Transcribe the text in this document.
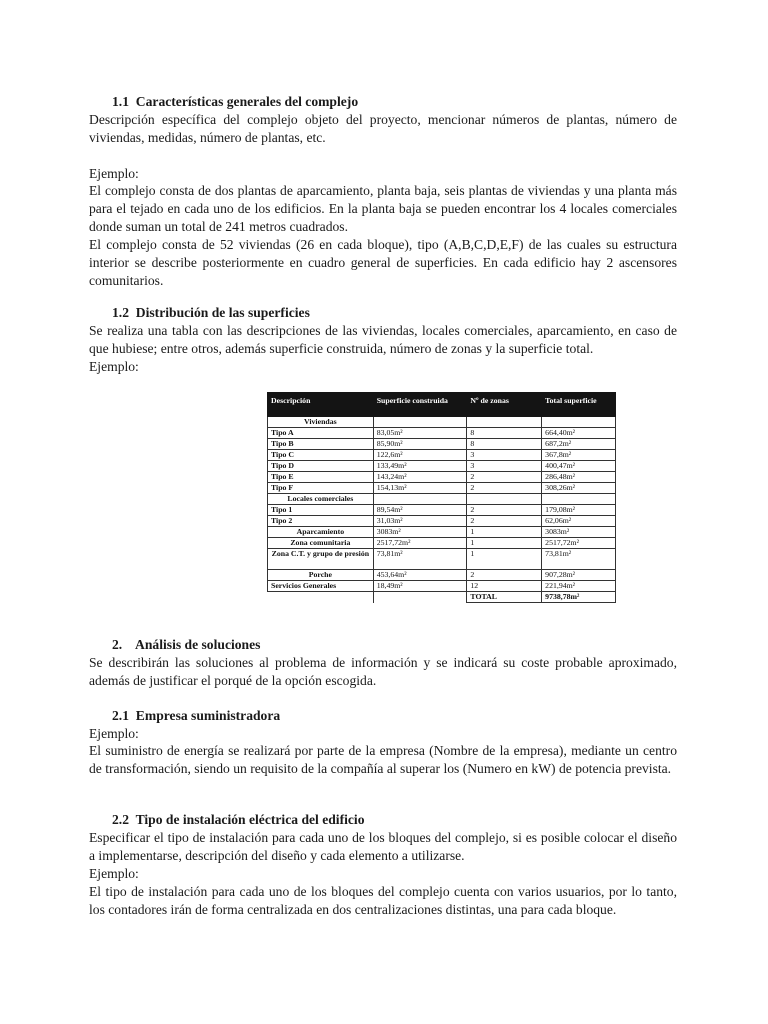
1.1 Características generales del complejo

Descripción específica del complejo objeto del proyecto, mencionar números de plantas, número de viviendas, medidas, número de plantas, etc.

Ejemplo:

El complejo consta de dos plantas de aparcamiento, planta baja, seis plantas de viviendas y una planta más para el tejado en cada uno de los edificios. En la planta baja se pueden encontrar los 4 locales comerciales donde suman un total de 241 metros cuadrados.

El complejo consta de 52 viviendas (26 en cada bloque), tipo (A,B,C,D,E,F) de las cuales su estructura interior se describe posteriormente en cuadro general de superficies. En cada edificio hay 2 ascensores comunitarios.

1.2 Distribución de las superficies

Se realiza una tabla con las descripciones de las viviendas, locales comerciales, aparcamiento, en caso de que hubiese; entre otros, además superficie construida, número de zonas y la superficie total.

Ejemplo:

Descripción	Superficie construida	Nº de zonas	Total superficie
Viviendas			
Tipo A	83,05m²	8	664,40m²
Tipo B	85,90m²	8	687,2m²
Tipo C	122,6m²	3	367,8m²
Tipo D	133,49m²	3	400,47m²
Tipo E	143,24m²	2	286,48m²
Tipo F	154,13m²	2	308,26m²
Locales comerciales			
Tipo 1	89,54m²	2	179,08m²
Tipo 2	31,03m²	2	62,06m²
Aparcamiento	3083m²	1	3083m²
Zona comunitaria	2517,72m²	1	2517,72m²
Zona C.T. y grupo de presión	73,81m²	1	73,81m²
Porche	453,64m²	2	907,28m²
Servicios Generales	18,49m²	12	221,94m²
		TOTAL	9738,78m²
2. Análisis de soluciones

Se describirán las soluciones al problema de información y se indicará su coste probable aproximado, además de justificar el porqué de la opción escogida.

2.1 Empresa suministradora

Ejemplo:

El suministro de energía se realizará por parte de la empresa (Nombre de la empresa), mediante un centro de transformación, siendo un requisito de la compañía al superar los (Numero en kW) de potencia prevista.

2.2 Tipo de instalación eléctrica del edificio

Especificar el tipo de instalación para cada uno de los bloques del complejo, si es posible colocar el diseño a implementarse, descripción del diseño y cada elemento a utilizarse.

Ejemplo:

El tipo de instalación para cada uno de los bloques del complejo cuenta con varios usuarios, por lo tanto, los contadores irán de forma centralizada en dos centralizaciones distintas, una para cada bloque.
